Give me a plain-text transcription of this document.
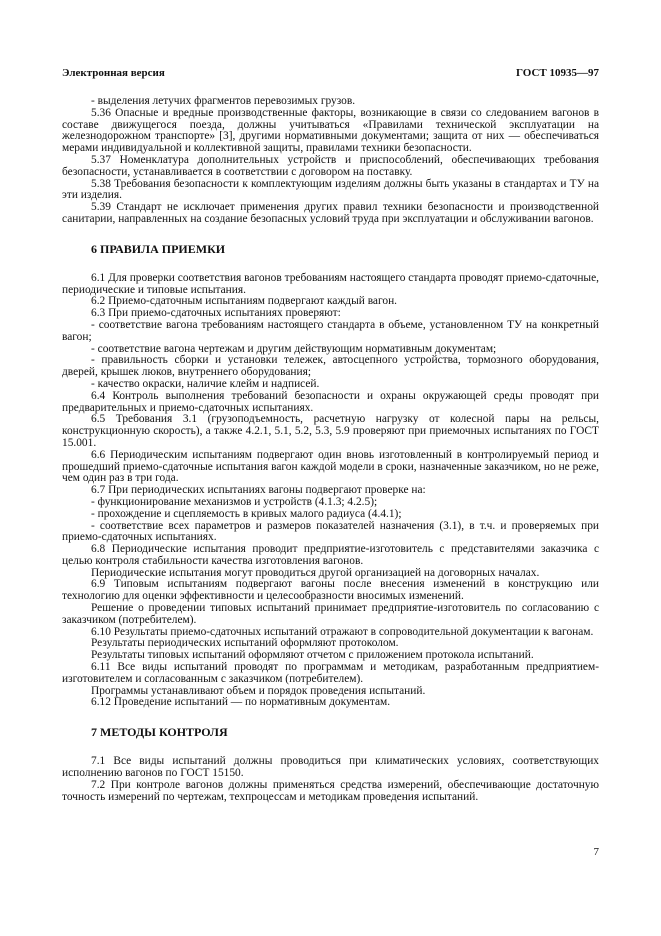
Электронная версия	ГОСТ 10935—97

- выделения летучих фрагментов перевозимых грузов.

5.36 Опасные и вредные производственные факторы, возникающие в связи со следованием вагонов в составе движущегося поезда, должны учитываться «Правилами технической эксплуатации на железнодорожном транспорте» [3], другими нормативными документами; защита от них — обеспечиваться мерами индивидуальной и коллективной защиты, правилами техники безопасности.

5.37 Номенклатура дополнительных устройств и приспособлений, обеспечивающих требования безопасности, устанавливается в соответствии с договором на поставку.

5.38 Требования безопасности к комплектующим изделиям должны быть указаны в стандартах и ТУ на эти изделия.

5.39 Стандарт не исключает применения других правил техники безопасности и производственной санитарии, направленных на создание безопасных условий труда при эксплуатации и обслуживании вагонов.

6 ПРАВИЛА ПРИЕМКИ

6.1 Для проверки соответствия вагонов требованиям настоящего стандарта проводят приемо-сдаточные, периодические и типовые испытания.

6.2 Приемо-сдаточным испытаниям подвергают каждый вагон.

6.3 При приемо-сдаточных испытаниях проверяют:

- соответствие вагона требованиям настоящего стандарта в объеме, установленном ТУ на конкретный вагон;

- соответствие вагона чертежам и другим действующим нормативным документам;

- правильность сборки и установки тележек, автосцепного устройства, тормозного оборудования, дверей, крышек люков, внутреннего оборудования;

- качество окраски, наличие клейм и надписей.

6.4 Контроль выполнения требований безопасности и охраны окружающей среды проводят при предварительных и приемо-сдаточных испытаниях.

6.5 Требования 3.1 (грузоподъемность, расчетную нагрузку от колесной пары на рельсы, конструкционную скорость), а также 4.2.1, 5.1, 5.2, 5.3, 5.9 проверяют при приемочных испытаниях по ГОСТ 15.001.

6.6 Периодическим испытаниям подвергают один вновь изготовленный в контролируемый период и прошедший приемо-сдаточные испытания вагон каждой модели в сроки, назначенные заказчиком, но не реже, чем один раз в три года.

6.7 При периодических испытаниях вагоны подвергают проверке на:

- функционирование механизмов и устройств (4.1.3; 4.2.5);

- прохождение и сцепляемость в кривых малого радиуса (4.4.1);

- соответствие всех параметров и размеров показателей назначения (3.1), в т.ч. и проверяемых при приемо-сдаточных испытаниях.

6.8 Периодические испытания проводит предприятие-изготовитель с представителями заказчика с целью контроля стабильности качества изготовления вагонов.

Периодические испытания могут проводиться другой организацией на договорных началах.

6.9 Типовым испытаниям подвергают вагоны после внесения изменений в конструкцию или технологию для оценки эффективности и целесообразности вносимых изменений.

Решение о проведении типовых испытаний принимает предприятие-изготовитель по согласованию с заказчиком (потребителем).

6.10 Результаты приемо-сдаточных испытаний отражают в сопроводительной документации к вагонам.

Результаты периодических испытаний оформляют протоколом.

Результаты типовых испытаний оформляют отчетом с приложением протокола испытаний.

6.11 Все виды испытаний проводят по программам и методикам, разработанным предприятием-изготовителем и согласованным с заказчиком (потребителем).

Программы устанавливают объем и порядок проведения испытаний.

6.12 Проведение испытаний — по нормативным документам.

7 МЕТОДЫ КОНТРОЛЯ

7.1 Все виды испытаний должны проводиться при климатических условиях, соответствующих исполнению вагонов по ГОСТ 15150.

7.2 При контроле вагонов должны применяться средства измерений, обеспечивающие доcтаточную точность измерений по чертежам, техпроцессам и методикам проведения испытаний.

7
